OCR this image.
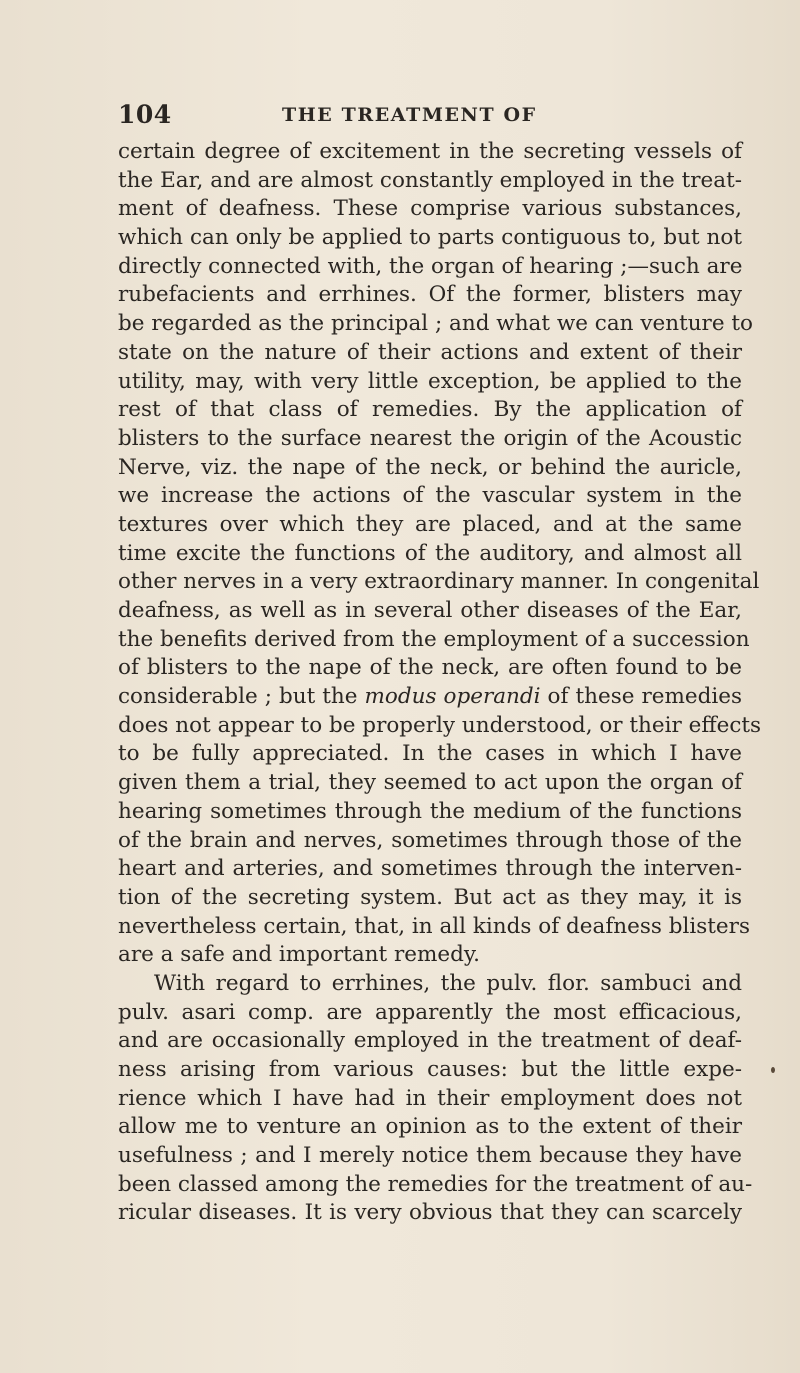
104	THE TREATMENT OF
certain degree of excitement in the secreting vessels of
the Ear, and are almost constantly employed in the treat-
ment of deafness. These comprise various substances,
which can only be applied to parts contiguous to, but not
directly connected with, the organ of hearing ;—such are
rubefacients and errhines. Of the former, blisters may
be regarded as the principal ; and what we can venture to
state on the nature of their actions and extent of their
utility, may, with very little exception, be applied to the
rest of that class of remedies. By the application of
blisters to the surface nearest the origin of the Acoustic
Nerve, viz. the nape of the neck, or behind the auricle,
we increase the actions of the vascular system in the
textures over which they are placed, and at the same
time excite the functions of the auditory, and almost all
other nerves in a very extraordinary manner. In congenital
deafness, as well as in several other diseases of the Ear,
the benefits derived from the employment of a succession
of blisters to the nape of the neck, are often found to be
considerable ; but the modus operandi of these remedies
does not appear to be properly understood, or their effects
to be fully appreciated. In the cases in which I have
given them a trial, they seemed to act upon the organ of
hearing sometimes through the medium of the functions
of the brain and nerves, sometimes through those of the
heart and arteries, and sometimes through the interven-
tion of the secreting system. But act as they may, it is
nevertheless certain, that, in all kinds of deafness blisters
are a safe and important remedy.
With regard to errhines, the pulv. flor. sambuci and
pulv. asari comp. are apparently the most efficacious,
and are occasionally employed in the treatment of deaf-
ness arising from various causes: but the little expe-
rience which I have had in their employment does not
allow me to venture an opinion as to the extent of their
usefulness ; and I merely notice them because they have
been classed among the remedies for the treatment of au-
ricular diseases. It is very obvious that they can scarcely
